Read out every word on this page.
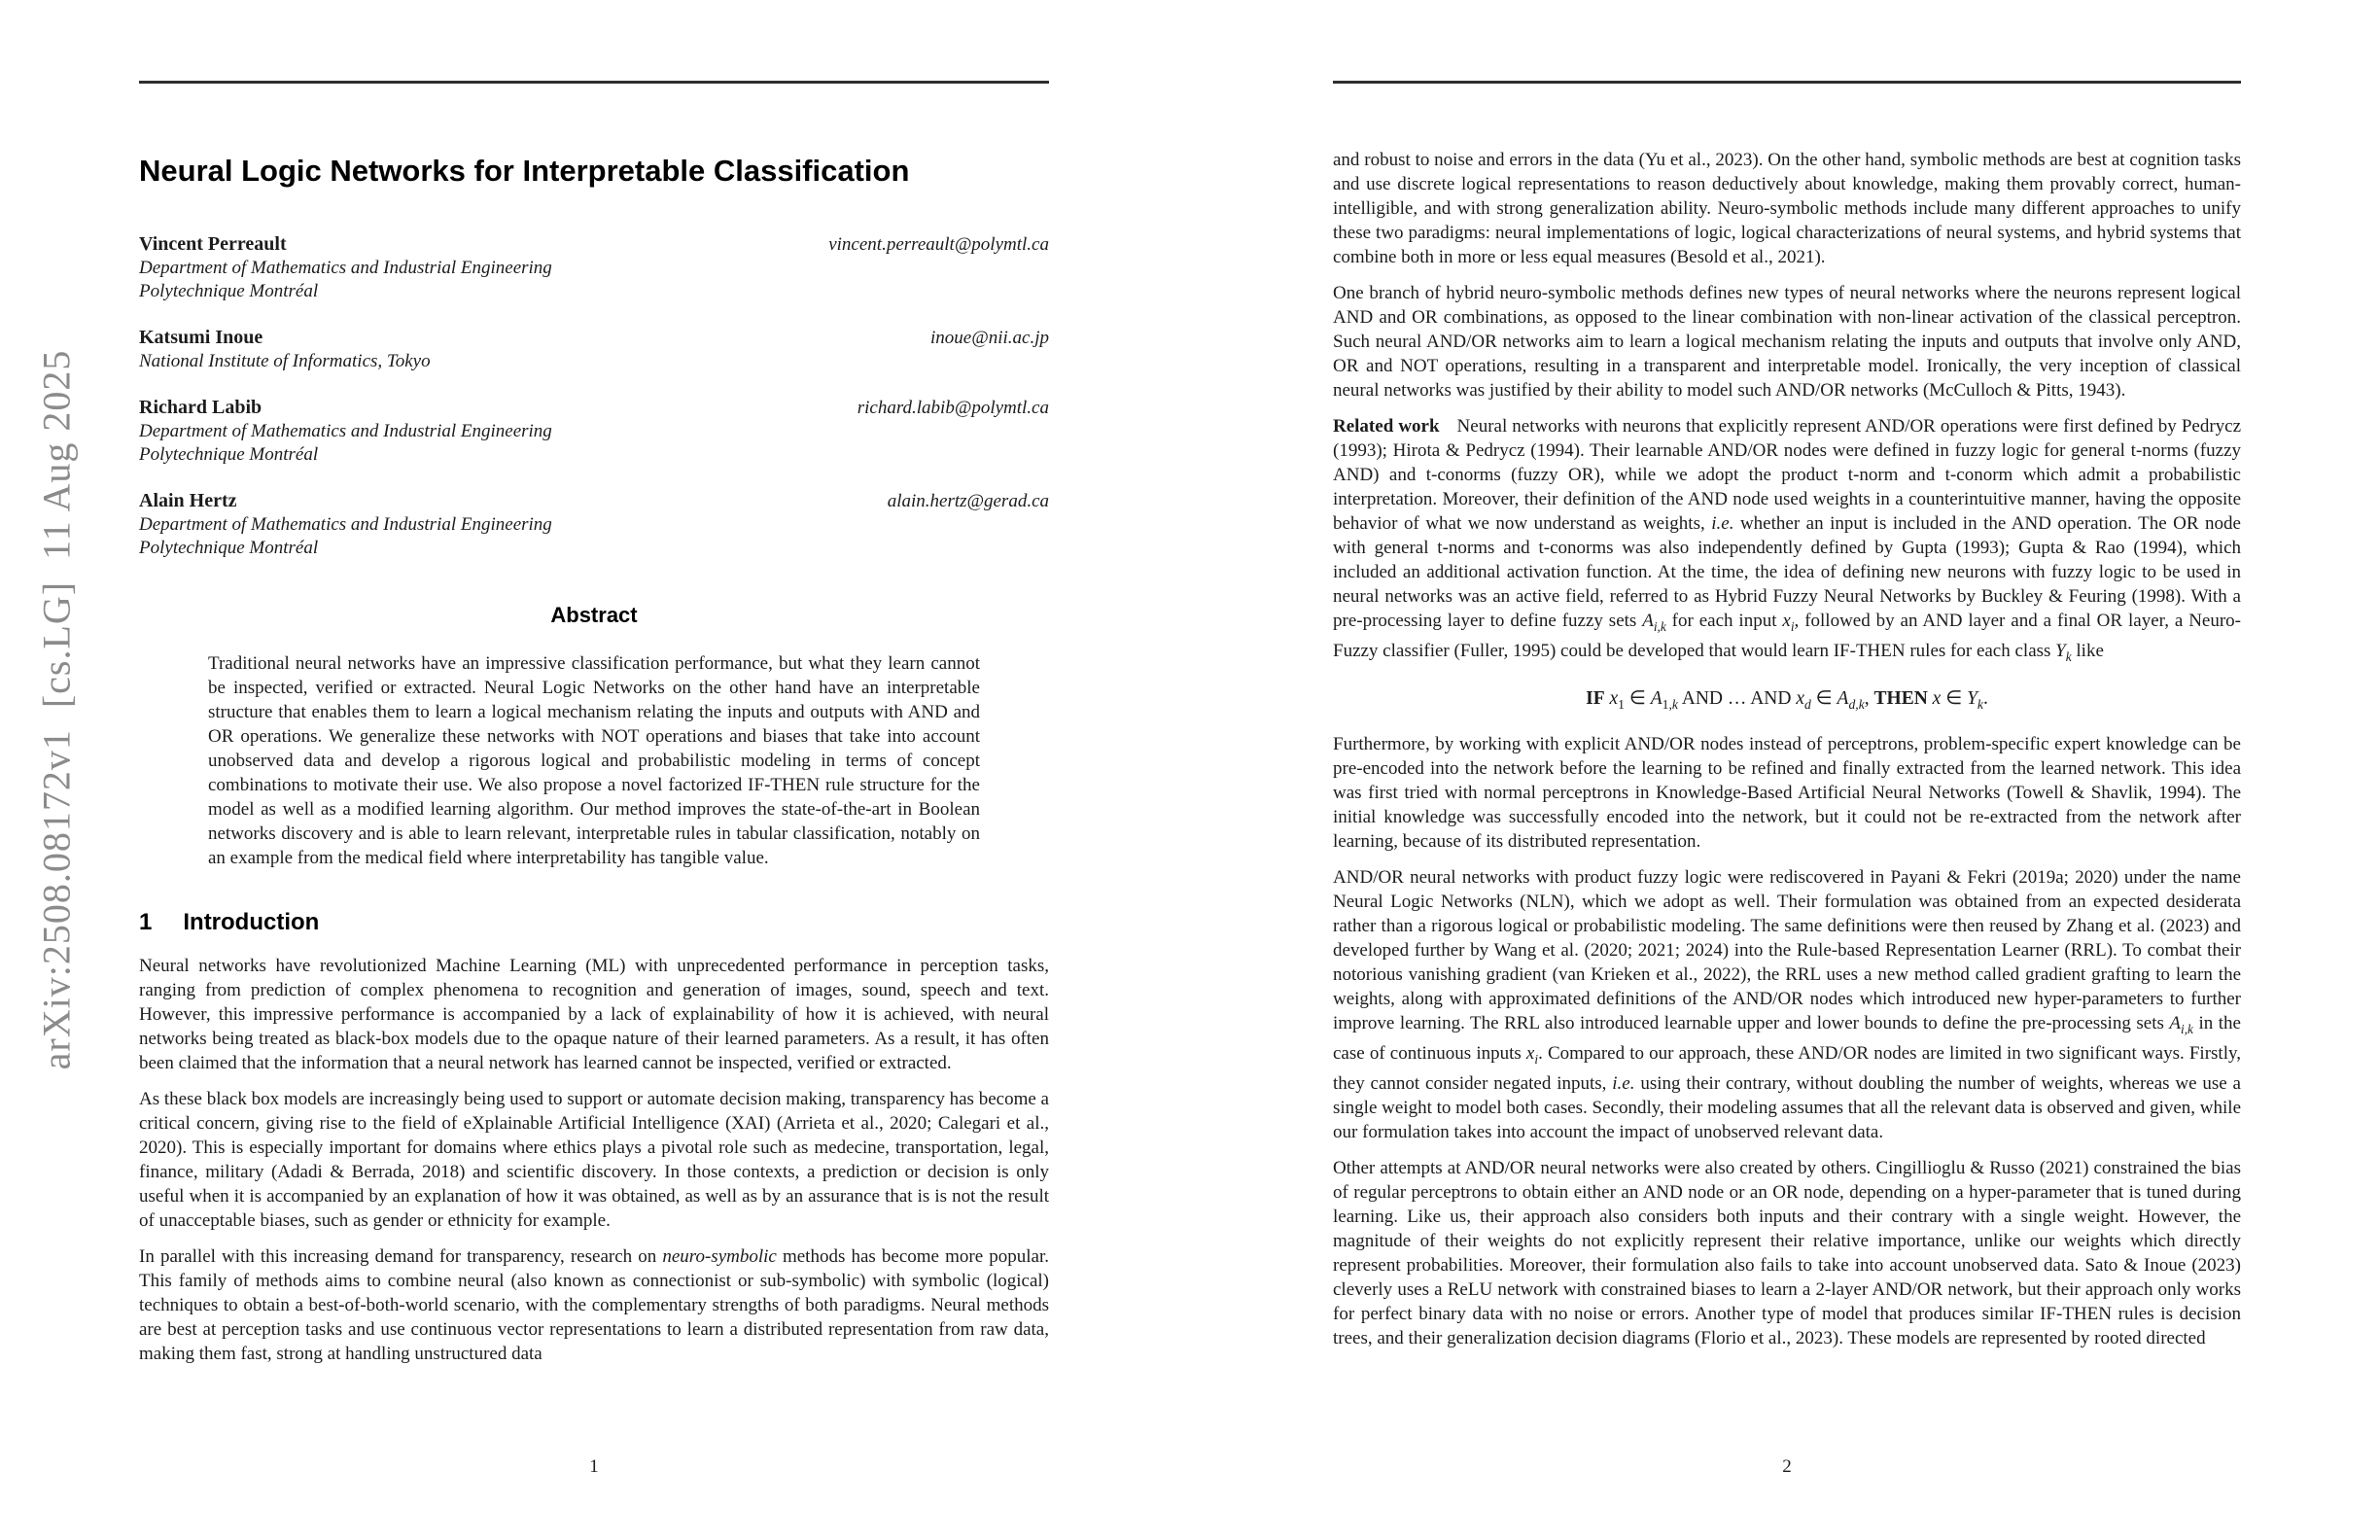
arXiv:2508.08172v1  [cs.LG]  11 Aug 2025
Neural Logic Networks for Interpretable Classification
Vincent Perreault	vincent.perreault@polymtl.ca
Department of Mathematics and Industrial Engineering
Polytechnique Montréal
Katsumi Inoue	inoue@nii.ac.jp
National Institute of Informatics, Tokyo
Richard Labib	richard.labib@polymtl.ca
Department of Mathematics and Industrial Engineering
Polytechnique Montréal
Alain Hertz	alain.hertz@gerad.ca
Department of Mathematics and Industrial Engineering
Polytechnique Montréal
Abstract
Traditional neural networks have an impressive classification performance, but what they learn cannot be inspected, verified or extracted. Neural Logic Networks on the other hand have an interpretable structure that enables them to learn a logical mechanism relating the inputs and outputs with AND and OR operations. We generalize these networks with NOT operations and biases that take into account unobserved data and develop a rigorous logical and probabilistic modeling in terms of concept combinations to motivate their use. We also propose a novel factorized IF-THEN rule structure for the model as well as a modified learning algorithm. Our method improves the state-of-the-art in Boolean networks discovery and is able to learn relevant, interpretable rules in tabular classification, notably on an example from the medical field where interpretability has tangible value.
1 Introduction

Neural networks have revolutionized Machine Learning (ML) with unprecedented performance in perception tasks, ranging from prediction of complex phenomena to recognition and generation of images, sound, speech and text. However, this impressive performance is accompanied by a lack of explainability of how it is achieved, with neural networks being treated as black-box models due to the opaque nature of their learned parameters. As a result, it has often been claimed that the information that a neural network has learned cannot be inspected, verified or extracted.

As these black box models are increasingly being used to support or automate decision making, transparency has become a critical concern, giving rise to the field of eXplainable Artificial Intelligence (XAI) (Arrieta et al., 2020; Calegari et al., 2020). This is especially important for domains where ethics plays a pivotal role such as medecine, transportation, legal, finance, military (Adadi & Berrada, 2018) and scientific discovery. In those contexts, a prediction or decision is only useful when it is accompanied by an explanation of how it was obtained, as well as by an assurance that is is not the result of unacceptable biases, such as gender or ethnicity for example.

In parallel with this increasing demand for transparency, research on neuro-symbolic methods has become more popular. This family of methods aims to combine neural (also known as connectionist or sub-symbolic) with symbolic (logical) techniques to obtain a best-of-both-world scenario, with the complementary strengths of both paradigms. Neural methods are best at perception tasks and use continuous vector representations to learn a distributed representation from raw data, making them fast, strong at handling unstructured data

1

and robust to noise and errors in the data (Yu et al., 2023). On the other hand, symbolic methods are best at cognition tasks and use discrete logical representations to reason deductively about knowledge, making them provably correct, human-intelligible, and with strong generalization ability. Neuro-symbolic methods include many different approaches to unify these two paradigms: neural implementations of logic, logical characterizations of neural systems, and hybrid systems that combine both in more or less equal measures (Besold et al., 2021).

One branch of hybrid neuro-symbolic methods defines new types of neural networks where the neurons represent logical AND and OR combinations, as opposed to the linear combination with non-linear activation of the classical perceptron. Such neural AND/OR networks aim to learn a logical mechanism relating the inputs and outputs that involve only AND, OR and NOT operations, resulting in a transparent and interpretable model. Ironically, the very inception of classical neural networks was justified by their ability to model such AND/OR networks (McCulloch & Pitts, 1943).

Related work Neural networks with neurons that explicitly represent AND/OR operations were first defined by Pedrycz (1993); Hirota & Pedrycz (1994). Their learnable AND/OR nodes were defined in fuzzy logic for general t-norms (fuzzy AND) and t-conorms (fuzzy OR), while we adopt the product t-norm and t-conorm which admit a probabilistic interpretation. Moreover, their definition of the AND node used weights in a counterintuitive manner, having the opposite behavior of what we now understand as weights, i.e. whether an input is included in the AND operation. The OR node with general t-norms and t-conorms was also independently defined by Gupta (1993); Gupta & Rao (1994), which included an additional activation function. At the time, the idea of defining new neurons with fuzzy logic to be used in neural networks was an active field, referred to as Hybrid Fuzzy Neural Networks by Buckley & Feuring (1998). With a pre-processing layer to define fuzzy sets $A_{i,k}$ for each input $x_i$, followed by an AND layer and a final OR layer, a Neuro-Fuzzy classifier (Fuller, 1995) could be developed that would learn IF-THEN rules for each class $Y_k$ like

IF $x_1$ ∈ $A_{1,k}$ AND … AND $x_d$ ∈ $A_{d,k}$, THEN x ∈ $Y_k$.

Furthermore, by working with explicit AND/OR nodes instead of perceptrons, problem-specific expert knowledge can be pre-encoded into the network before the learning to be refined and finally extracted from the learned network. This idea was first tried with normal perceptrons in Knowledge-Based Artificial Neural Networks (Towell & Shavlik, 1994). The initial knowledge was successfully encoded into the network, but it could not be re-extracted from the network after learning, because of its distributed representation.

AND/OR neural networks with product fuzzy logic were rediscovered in Payani & Fekri (2019a; 2020) under the name Neural Logic Networks (NLN), which we adopt as well. Their formulation was obtained from an expected desiderata rather than a rigorous logical or probabilistic modeling. The same definitions were then reused by Zhang et al. (2023) and developed further by Wang et al. (2020; 2021; 2024) into the Rule-based Representation Learner (RRL). To combat their notorious vanishing gradient (van Krieken et al., 2022), the RRL uses a new method called gradient grafting to learn the weights, along with approximated definitions of the AND/OR nodes which introduced new hyper-parameters to further improve learning. The RRL also introduced learnable upper and lower bounds to define the pre-processing sets $A_{i,k}$ in the case of continuous inputs $x_i$. Compared to our approach, these AND/OR nodes are limited in two significant ways. Firstly, they cannot consider negated inputs, i.e. using their contrary, without doubling the number of weights, whereas we use a single weight to model both cases. Secondly, their modeling assumes that all the relevant data is observed and given, while our formulation takes into account the impact of unobserved relevant data.

Other attempts at AND/OR neural networks were also created by others. Cingillioglu & Russo (2021) constrained the bias of regular perceptrons to obtain either an AND node or an OR node, depending on a hyper-parameter that is tuned during learning. Like us, their approach also considers both inputs and their contrary with a single weight. However, the magnitude of their weights do not explicitly represent their relative importance, unlike our weights which directly represent probabilities. Moreover, their formulation also fails to take into account unobserved data. Sato & Inoue (2023) cleverly uses a ReLU network with constrained biases to learn a 2-layer AND/OR network, but their approach only works for perfect binary data with no noise or errors. Another type of model that produces similar IF-THEN rules is decision trees, and their generalization decision diagrams (Florio et al., 2023). These models are represented by rooted directed

2
